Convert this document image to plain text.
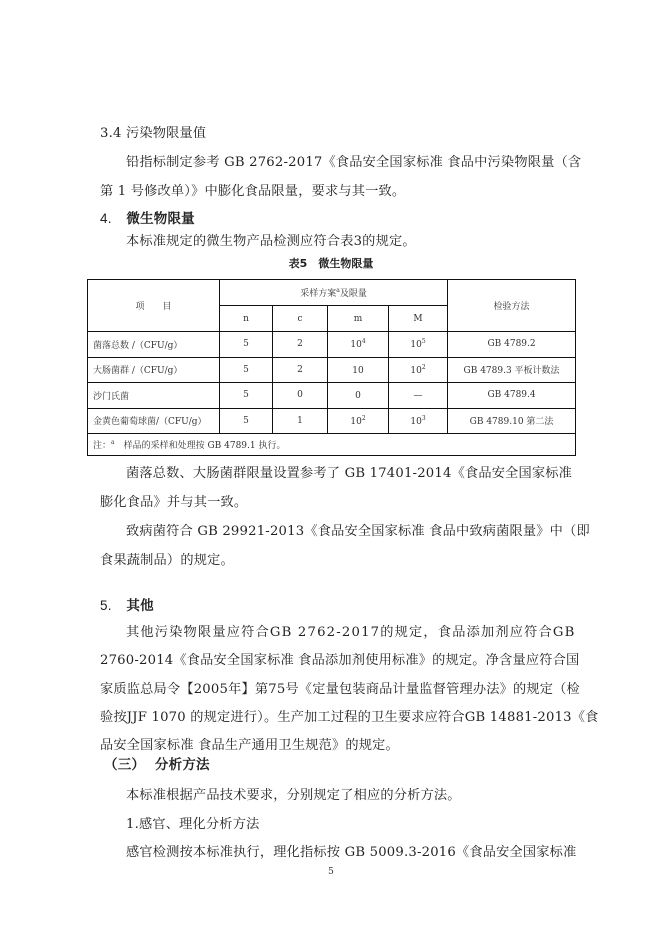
3.4 污染物限量值
铅指标制定参考 GB 2762-2017《食品安全国家标准 食品中污染物限量（含
第 1 号修改单）》中膨化食品限量，要求与其一致。
4. 微生物限量
本标准规定的微生物产品检测应符合表3的规定。
表5　微生物限量
项　　目	采样方案$^a$及限量				检验方法
	n	c	m	M	
菌落总数 /（CFU/g）	5	2	$10^4$	$10^5$	GB 4789.2
大肠菌群 /（CFU/g）	5	2	10	$10^2$	GB 4789.3 平板计数法
沙门氏菌	5	0	0	—	GB 4789.4
金黄色葡萄球菌/（CFU/g）	5	1	$10^2$	$10^3$	GB 4789.10 第二法
注：$^a$　样品的采样和处理按 GB 4789.1 执行。					
菌落总数、大肠菌群限量设置参考了 GB 17401-2014《食品安全国家标准
膨化食品》并与其一致。
致病菌符合 GB 29921-2013《食品安全国家标准 食品中致病菌限量》中（即
食果蔬制品）的规定。
5. 其他
其他污染物限量应符合GB 2762-2017的规定，食品添加剂应符合GB
2760-2014《食品安全国家标准 食品添加剂使用标准》的规定。净含量应符合国
家质监总局令【2005年】第75号《定量包装商品计量监督管理办法》的规定（检
验按JJF 1070 的规定进行）。生产加工过程的卫生要求应符合GB 14881-2013《食
品安全国家标准 食品生产通用卫生规范》的规定。
（三） 分析方法
本标准根据产品技术要求，分别规定了相应的分析方法。
1.感官、理化分析方法
感官检测按本标准执行，理化指标按 GB 5009.3-2016《食品安全国家标准
5
